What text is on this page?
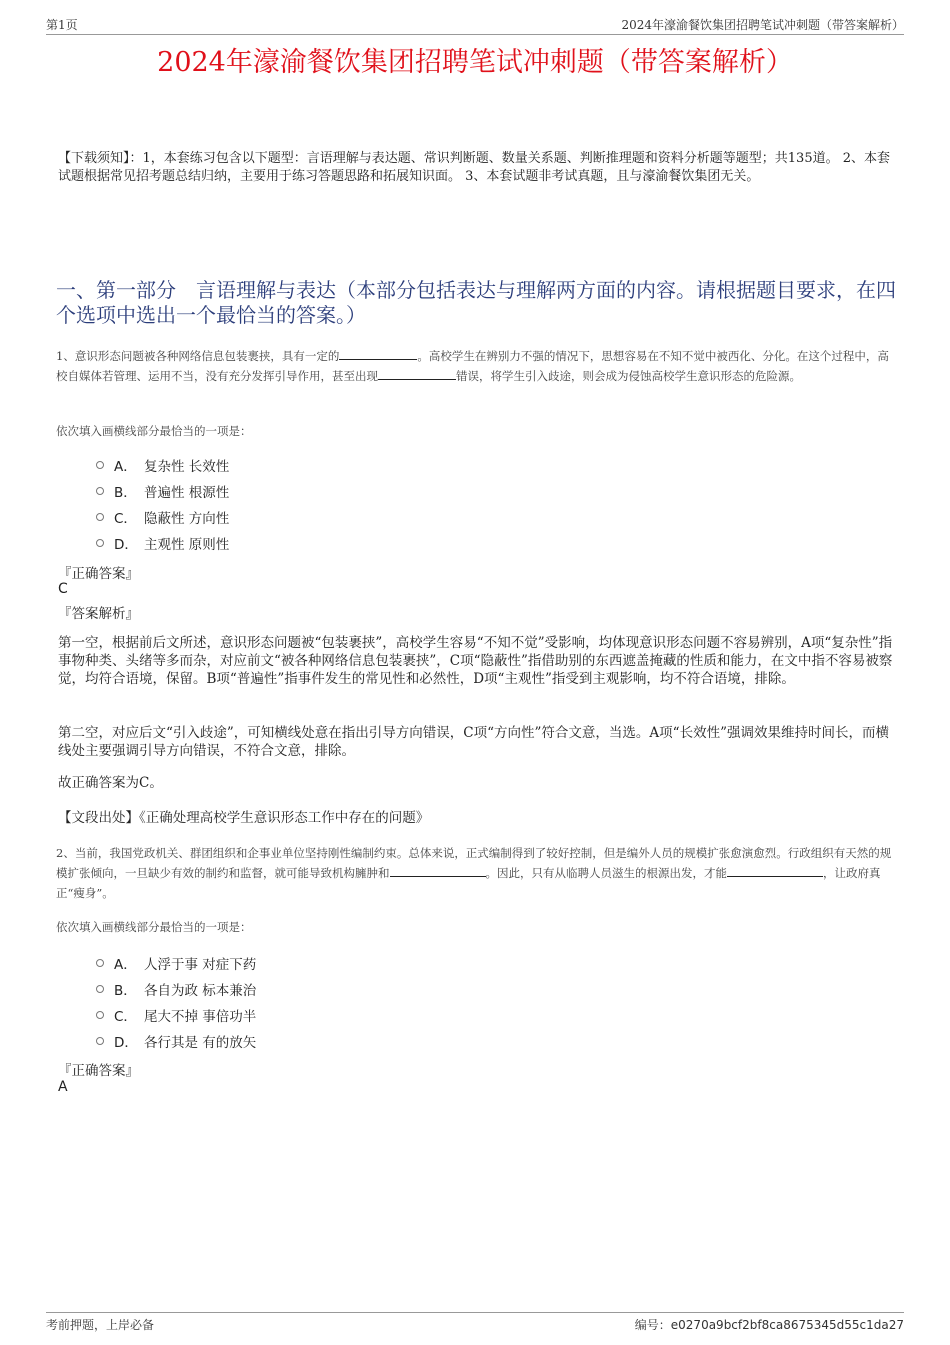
第1页	2024年濠渝餐饮集团招聘笔试冲刺题（带答案解析）
2024年濠渝餐饮集团招聘笔试冲刺题（带答案解析）
【下载须知】：1，本套练习包含以下题型：言语理解与表达题、常识判断题、数量关系题、判断推理题和资料分析题等题型；共135道。 2、本套试题根据常见招考题总结归纳，主要用于练习答题思路和拓展知识面。 3、本套试题非考试真题，且与濠渝餐饮集团无关。
一、第一部分　言语理解与表达（本部分包括表达与理解两方面的内容。请根据题目要求，在四个选项中选出一个最恰当的答案。）
1、意识形态问题被各种网络信息包装裹挟，具有一定的	。高校学生在辨别力不强的情况下，思想容易在不知不觉中被西化、分化。在这个过程中，高校自媒体若管理、运用不当，没有充分发挥引导作用，甚至出现	错误，将学生引入歧途，则会成为侵蚀高校学生意识形态的危险源。
依次填入画横线部分最恰当的一项是：
A． 复杂性 长效性
B． 普遍性 根源性
C． 隐蔽性 方向性
D． 主观性 原则性
『正确答案』
C
『答案解析』
第一空，根据前后文所述，意识形态问题被“包装裹挟”，高校学生容易“不知不觉”受影响，均体现意识形态问题不容易辨别，A项“复杂性”指事物种类、头绪等多而杂，对应前文“被各种网络信息包装裹挟”，C项“隐蔽性”指借助别的东西遮盖掩藏的性质和能力，在文中指不容易被察觉，均符合语境，保留。B项“普遍性”指事件发生的常见性和必然性，D项“主观性”指受到主观影响，均不符合语境，排除。
第二空，对应后文“引入歧途”，可知横线处意在指出引导方向错误，C项“方向性”符合文意，当选。A项“长效性”强调效果维持时间长，而横线处主要强调引导方向错误，不符合文意，排除。
故正确答案为C。
【文段出处】《正确处理高校学生意识形态工作中存在的问题》
2、当前，我国党政机关、群团组织和企事业单位坚持刚性编制约束。总体来说，正式编制得到了较好控制，但是编外人员的规模扩张愈演愈烈。行政组织有天然的规模扩张倾向，一旦缺少有效的制约和监督，就可能导致机构臃肿和	。因此，只有从临聘人员滋生的根源出发，才能	，让政府真正“瘦身”。
依次填入画横线部分最恰当的一项是：
A． 人浮于事 对症下药
B． 各自为政 标本兼治
C． 尾大不掉 事倍功半
D． 各行其是 有的放矢
『正确答案』
A
考前押题，上岸必备	编号：e0270a9bcf2bf8ca8675345d55c1da27
